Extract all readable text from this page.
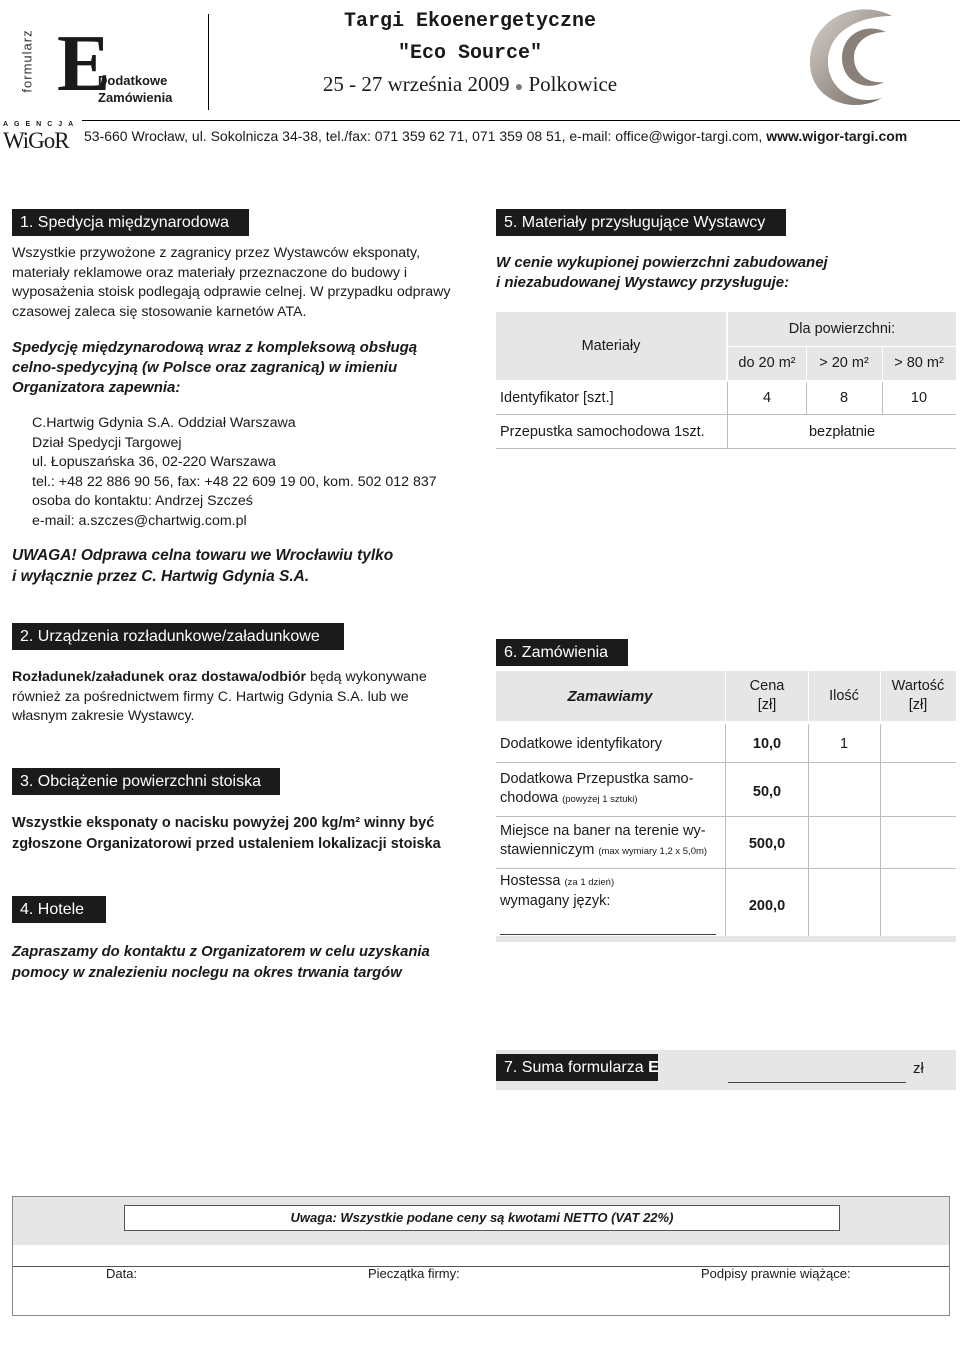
formularz E
Dodatkowe
Zamówienia
Targi Ekoenergetyczne
"Eco Source"
25 - 27 września 2009 ● Polkowice
AGENCJA
WiGoR 53-660 Wrocław, ul. Sokolnicza 34-38, tel./fax: 071 359 62 71, 071 359 08 51, e-mail: office@wigor-targi.com, www.wigor-targi.com
1. Spedycja międzynarodowa
Wszystkie przywożone z zagranicy przez Wystawców eksponaty, materiały reklamowe oraz materiały przeznaczone do budowy i wyposażenia stoisk podlegają odprawie celnej. W przypadku odprawy czasowej zaleca się stosowanie karnetów ATA.
Spedycję międzynarodową wraz z kompleksową obsługą celno-spedycyjną (w Polsce oraz zagranicą) w imieniu Organizatora zapewnia:
C.Hartwig Gdynia S.A. Oddział Warszawa
Dział Spedycji Targowej
ul. Łopuszańska 36, 02-220 Warszawa
tel.: +48 22 886 90 56, fax: +48 22 609 19 00, kom. 502 012 837
osoba do kontaktu: Andrzej Szcześ
e-mail: a.szczes@chartwig.com.pl
UWAGA! Odprawa celna towaru we Wrocławiu tylko
i wyłącznie przez C. Hartwig Gdynia S.A.
2. Urządzenia rozładunkowe/załadunkowe
Rozładunek/załadunek oraz dostawa/odbiór będą wykonywane również za pośrednictwem firmy C. Hartwig Gdynia S.A. lub we własnym zakresie Wystawcy.
3. Obciążenie powierzchni stoiska
Wszystkie eksponaty o nacisku powyżej 200 kg/m² winny być zgłoszone Organizatorowi przed ustaleniem lokalizacji stoiska
4. Hotele
Zapraszamy do kontaktu z Organizatorem w celu uzyskania
pomocy w znalezieniu noclegu na okres trwania targów
5. Materiały przysługujące Wystawcy
W cenie wykupionej powierzchni zabudowanej
i niezabudowanej Wystawcy przysługuje:
Materiały
Dla powierzchni:
do 20 m²	> 20 m²	> 80 m²
Identyfikator [szt.]	4	8	10
Przepustka samochodowa 1szt.	bezpłatnie
6. Zamówienia
Zamawiamy
Cena
[zł]
Ilość
Wartość
[zł]
Dodatkowe identyfikatory	10,0	1
Dodatkowa Przepustka samo-
chodowa (powyżej 1 sztuki)	50,0
Miejsce na baner na terenie wy-
stawienniczym (max wymiary 1,2 x 5,0m)	500,0
Hostessa (za 1 dzień)
wymagany język:	200,0
7. Suma formularza E	zł
Uwaga: Wszystkie podane ceny są kwotami NETTO (VAT 22%)
Data:	Pieczątka firmy:	Podpisy prawnie wiążące:
